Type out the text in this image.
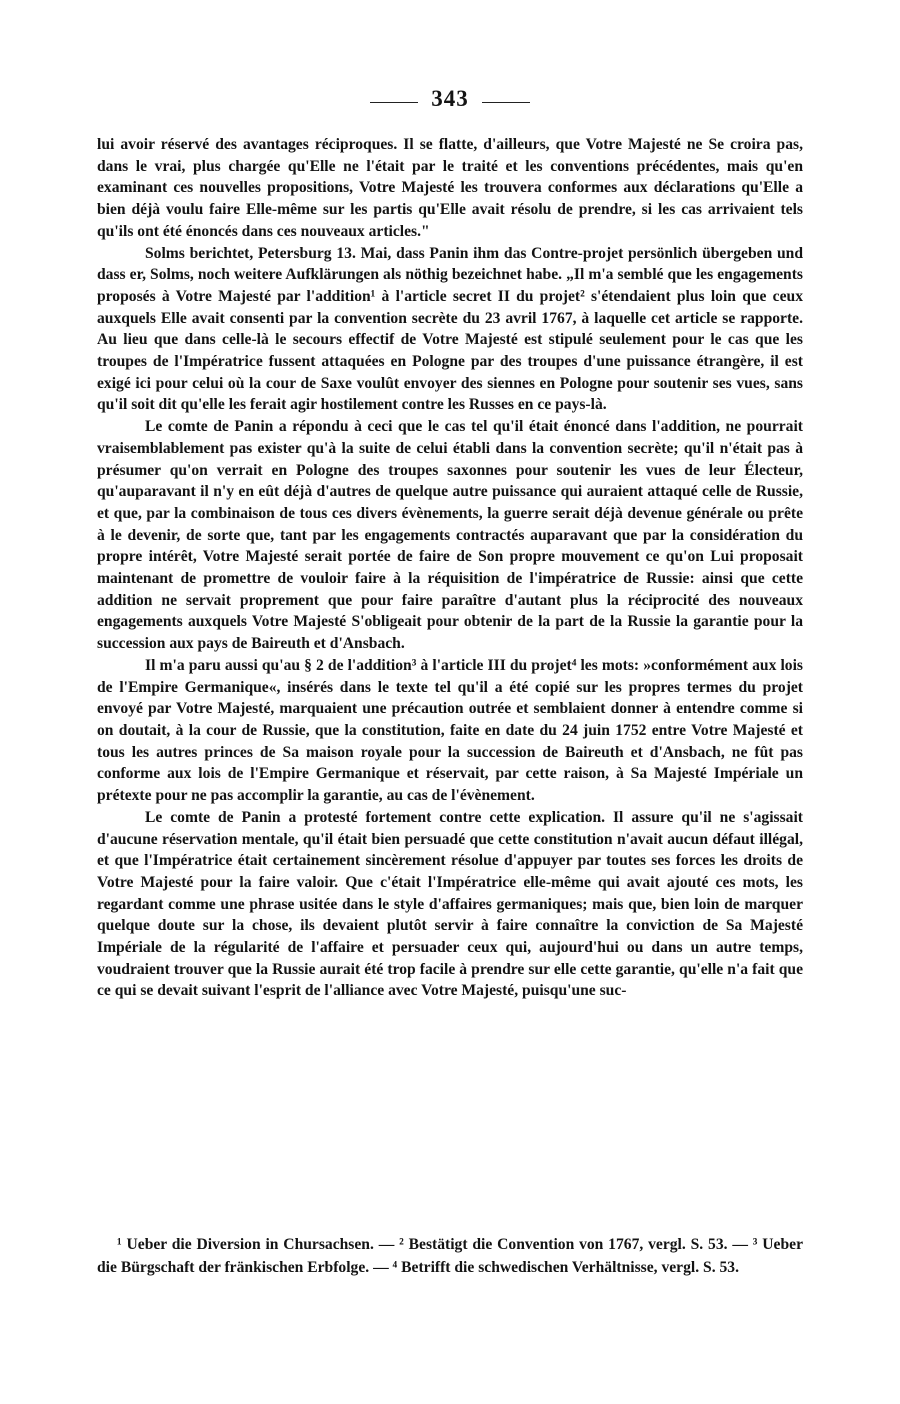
343

lui avoir réservé des avantages réciproques. Il se flatte, d'ailleurs, que Votre Majesté ne Se croira pas, dans le vrai, plus chargée qu'Elle ne l'était par le traité et les conventions précédentes, mais qu'en examinant ces nouvelles propositions, Votre Majesté les trouvera conformes aux déclarations qu'Elle a bien déjà voulu faire Elle-même sur les partis qu'Elle avait résolu de prendre, si les cas arrivaient tels qu'ils ont été énoncés dans ces nouveaux articles."

Solms berichtet, Petersburg 13. Mai, dass Panin ihm das Contre-projet persönlich übergeben und dass er, Solms, noch weitere Aufklärungen als nöthig bezeichnet habe. „Il m'a semblé que les engagements proposés à Votre Majesté par l'addition¹ à l'article secret II du projet² s'étendaient plus loin que ceux auxquels Elle avait consenti par la convention secrète du 23 avril 1767, à laquelle cet article se rapporte. Au lieu que dans celle-là le secours effectif de Votre Majesté est stipulé seulement pour le cas que les troupes de l'Impératrice fussent attaquées en Pologne par des troupes d'une puissance étrangère, il est exigé ici pour celui où la cour de Saxe voulût envoyer des siennes en Pologne pour soutenir ses vues, sans qu'il soit dit qu'elle les ferait agir hostilement contre les Russes en ce pays-là.

Le comte de Panin a répondu à ceci que le cas tel qu'il était énoncé dans l'addition, ne pourrait vraisemblablement pas exister qu'à la suite de celui établi dans la convention secrète; qu'il n'était pas à présumer qu'on verrait en Pologne des troupes saxonnes pour soutenir les vues de leur Électeur, qu'auparavant il n'y en eût déjà d'autres de quelque autre puissance qui auraient attaqué celle de Russie, et que, par la combinaison de tous ces divers évènements, la guerre serait déjà devenue générale ou prête à le devenir, de sorte que, tant par les engagements contractés auparavant que par la considération du propre intérêt, Votre Majesté serait portée de faire de Son propre mouvement ce qu'on Lui proposait maintenant de promettre de vouloir faire à la réquisition de l'impératrice de Russie: ainsi que cette addition ne servait proprement que pour faire paraître d'autant plus la réciprocité des nouveaux engagements auxquels Votre Majesté S'obligeait pour obtenir de la part de la Russie la garantie pour la succession aux pays de Baireuth et d'Ansbach.

Il m'a paru aussi qu'au § 2 de l'addition³ à l'article III du projet⁴ les mots: »conformément aux lois de l'Empire Germanique«, insérés dans le texte tel qu'il a été copié sur les propres termes du projet envoyé par Votre Majesté, marquaient une précaution outrée et semblaient donner à entendre comme si on doutait, à la cour de Russie, que la constitution, faite en date du 24 juin 1752 entre Votre Majesté et tous les autres princes de Sa maison royale pour la succession de Baireuth et d'Ansbach, ne fût pas conforme aux lois de l'Empire Germanique et réservait, par cette raison, à Sa Majesté Impériale un prétexte pour ne pas accomplir la garantie, au cas de l'évènement.

Le comte de Panin a protesté fortement contre cette explication. Il assure qu'il ne s'agissait d'aucune réservation mentale, qu'il était bien persuadé que cette constitution n'avait aucun défaut illégal, et que l'Impératrice était certainement sincèrement résolue d'appuyer par toutes ses forces les droits de Votre Majesté pour la faire valoir. Que c'était l'Impératrice elle-même qui avait ajouté ces mots, les regardant comme une phrase usitée dans le style d'affaires germaniques; mais que, bien loin de marquer quelque doute sur la chose, ils devaient plutôt servir à faire connaître la conviction de Sa Majesté Impériale de la régularité de l'affaire et persuader ceux qui, aujourd'hui ou dans un autre temps, voudraient trouver que la Russie aurait été trop facile à prendre sur elle cette garantie, qu'elle n'a fait que ce qui se devait suivant l'esprit de l'alliance avec Votre Majesté, puisqu'une suc-

¹ Ueber die Diversion in Chursachsen. — ² Bestätigt die Convention von 1767, vergl. S. 53. — ³ Ueber die Bürgschaft der fränkischen Erbfolge. — ⁴ Betrifft die schwedischen Verhältnisse, vergl. S. 53.
